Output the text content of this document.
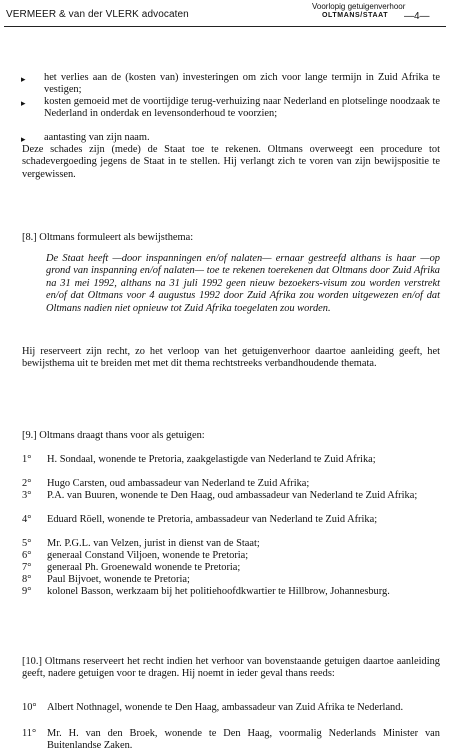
VERMEER & van der VLERK advocaten
Voorlopig getuigenverhoor
OLTMANS/STAAT —4—
▸ het verlies aan de (kosten van) investeringen om zich voor lange termijn in Zuid Afrika te vestigen;
▸ kosten gemoeid met de voortijdige terug-verhuizing naar Nederland en plotselinge noodzaak te Nederland in onderdak en levensonderhoud te voorzien;
▸ aantasting van zijn naam.
Deze schades zijn (mede) de Staat toe te rekenen. Oltmans overweegt een procedure tot schadevergoeding jegens de Staat in te stellen. Hij verlangt zich te voren van zijn bewijspositie te vergewissen.
[8.] Oltmans formuleert als bewijsthema:
De Staat heeft —door inspanningen en/of nalaten— ernaar gestreefd althans is haar —op grond van inspanning en/of nalaten— toe te rekenen toerekenen dat Oltmans door Zuid Afrika na 31 mei 1992, althans na 31 juli 1992 geen nieuw bezoekers-visum zou worden verstrekt en/of dat Oltmans voor 4 augustus 1992 door Zuid Afrika zou worden uitgewezen en/of dat Oltmans nadien niet opnieuw tot Zuid Afrika toegelaten zou worden.
Hij reserveert zijn recht, zo het verloop van het getuigenverhoor daartoe aanleiding geeft, het bewijsthema uit te breiden met met dit thema rechtstreeks verbandhoudende themata.
[9.] Oltmans draagt thans voor als getuigen:
1° H. Sondaal, wonende te Pretoria, zaakgelastigde van Nederland te Zuid Afrika;
2° Hugo Carsten, oud ambassadeur van Nederland te Zuid Afrika;
3° P.A. van Buuren, wonende te Den Haag, oud ambassadeur van Nederland te Zuid Afrika;
4° Eduard Röell, wonende te Pretoria, ambassadeur van Nederland te Zuid Afrika;
5° Mr. P.G.L. van Velzen, jurist in dienst van de Staat;
6° generaal Constand Viljoen, wonende te Pretoria;
7° generaal Ph. Groenewald wonende te Pretoria;
8° Paul Bijvoet, wonende te Pretoria;
9° kolonel Basson, werkzaam bij het politiehoofdkwartier te Hillbrow, Johannesburg.
[10.] Oltmans reserveert het recht indien het verhoor van bovenstaande getuigen daartoe aanleiding geeft, nadere getuigen voor te dragen. Hij noemt in ieder geval thans reeds:
10° Albert Nothnagel, wonende te Den Haag, ambassadeur van Zuid Afrika te Nederland.
11° Mr. H. van den Broek, wonende te Den Haag, voormalig Nederlands Minister van Buitenlandse Zaken.
